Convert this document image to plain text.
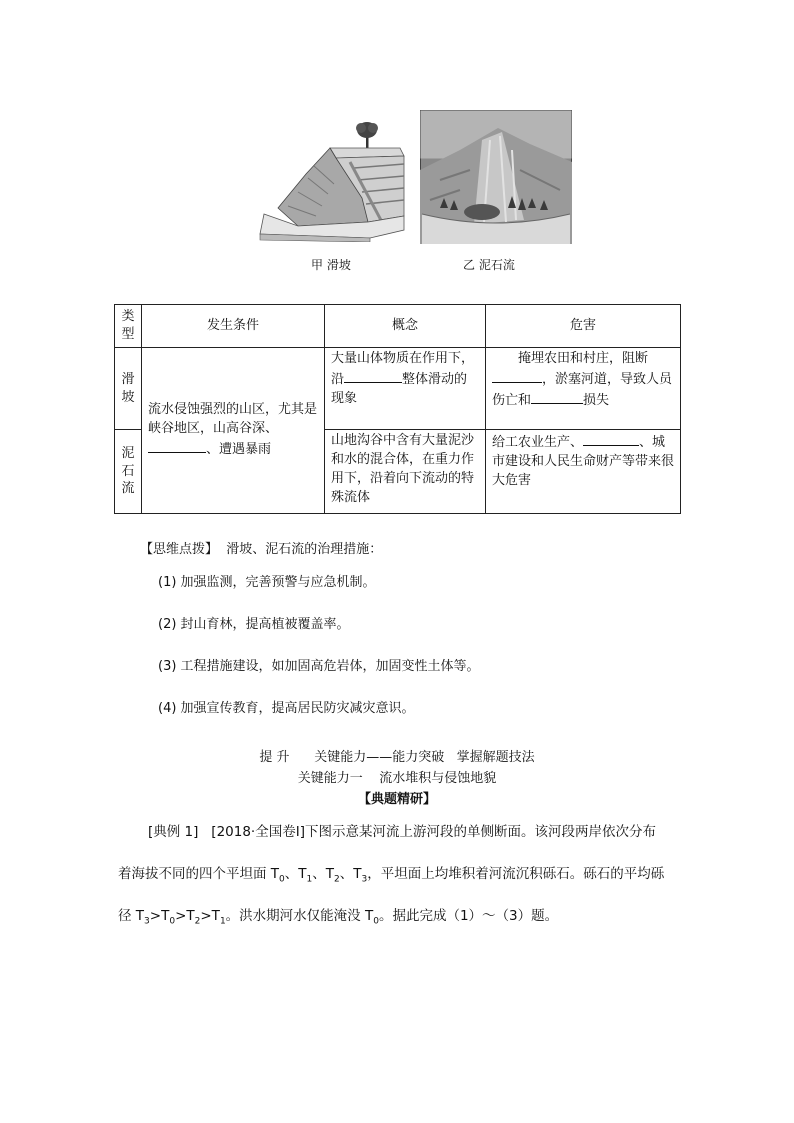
甲 滑坡	乙 泥石流
类
型	发生条件	概念	危害

滑
坡	流水侵蚀强烈的山区，尤其是峡谷地区，山高谷深、、遭遇暴雨	大量山体物质在作用下，沿 整体滑动的现象	掩埋农田和村庄，阻断，淤塞河道，导致人员伤亡和 损失

泥
石
流		山地沟谷中含有大量泥沙和水的混合体，在重力作用下，沿着向下流动的特殊流体	给工农业生产、 、城市建设和人民生命财产等带来很大危害
【思维点拨】 滑坡、泥石流的治理措施：
(1) 加强监测，完善预警与应急机制。
(2) 封山育林，提高植被覆盖率。
(3) 工程措施建设，如加固高危岩体，加固变性土体等。
(4) 加强宣传教育，提高居民防灾减灾意识。
提 升      关键能力——能力突破   掌握解题技法
关键能力一    流水堆积与侵蚀地貌
【典题精研】
[典例 1] [2018·全国卷Ⅰ]下图示意某河流上游河段的单侧断面。该河段两岸依次分布
着海拔不同的四个平坦面 $T_0$、$T_1$、$T_2$、$T_3$，平坦面上均堆积着河流沉积砾石。砾石的平均砾
径 $T_3>T_0>T_2>T_1$。洪水期河水仅能淹没 $T_0$。据此完成（1）～（3）题。
